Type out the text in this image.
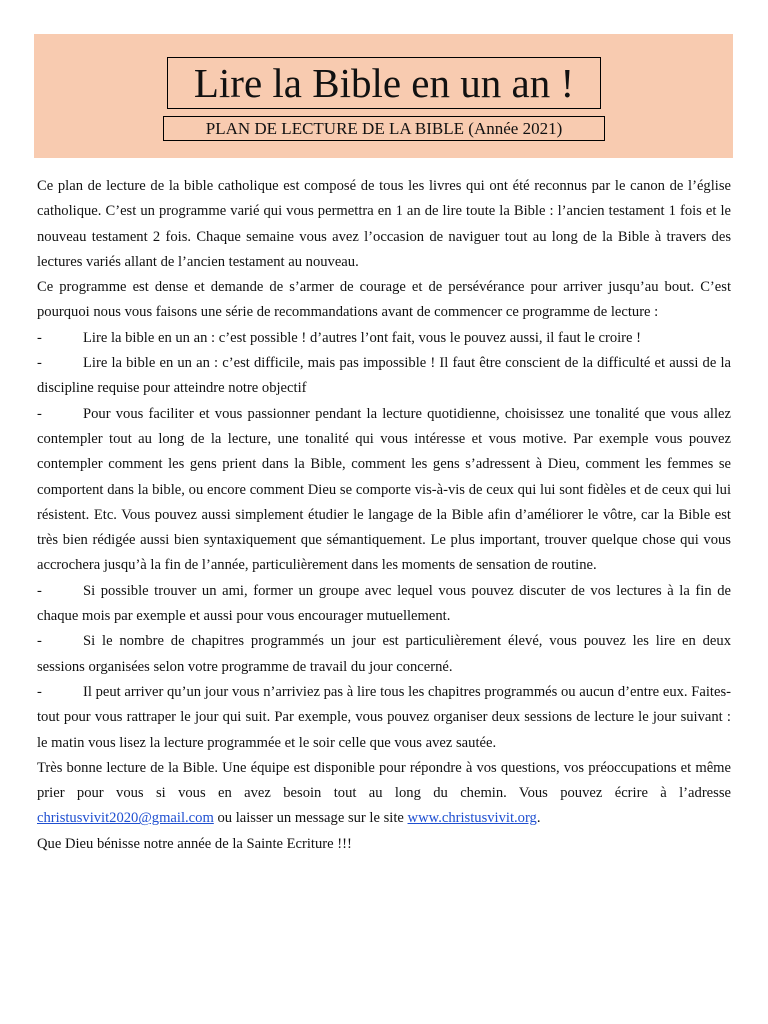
Lire la Bible en un an !
PLAN DE LECTURE DE LA BIBLE (Année 2021)

Ce plan de lecture de la bible catholique est composé de tous les livres qui ont été reconnus par le canon de l’église catholique. C’est un programme varié qui vous permettra en 1 an de lire toute la Bible : l’ancien testament 1 fois et le nouveau testament 2 fois. Chaque semaine vous avez l’occasion de naviguer tout au long de la Bible à travers des lectures variés allant de l’ancien testament au nouveau.

Ce programme est dense et demande de s’armer de courage et de persévérance pour arriver jusqu’au bout. C’est pourquoi nous vous faisons une série de recommandations avant de commencer ce programme de lecture :

-	Lire la bible en un an : c’est possible ! d’autres l’ont fait, vous le pouvez aussi, il faut le croire !

-	Lire la bible en un an : c’est difficile, mais pas impossible ! Il faut être conscient de la difficulté et aussi de la discipline requise pour atteindre notre objectif

-	Pour vous faciliter et vous passionner pendant la lecture quotidienne, choisissez une tonalité que vous allez contempler tout au long de la lecture, une tonalité qui vous intéresse et vous motive. Par exemple vous pouvez contempler comment les gens prient dans la Bible, comment les gens s’adressent à Dieu, comment les femmes se comportent dans la bible, ou encore comment Dieu se comporte vis-à-vis de ceux qui lui sont fidèles et de ceux qui lui résistent. Etc. Vous pouvez aussi simplement étudier le langage de la Bible afin d’améliorer le vôtre, car la Bible est très bien rédigée aussi bien syntaxiquement que sémantiquement. Le plus important, trouver quelque chose qui vous accrochera jusqu’à la fin de l’année, particulièrement dans les moments de sensation de routine.

-	Si possible trouver un ami, former un groupe avec lequel vous pouvez discuter de vos lectures à la fin de chaque mois par exemple et aussi pour vous encourager mutuellement.

-	Si le nombre de chapitres programmés un jour est particulièrement élevé, vous pouvez les lire en deux sessions organisées selon votre programme de travail du jour concerné.

-	Il peut arriver qu’un jour vous n’arriviez pas à lire tous les chapitres programmés ou aucun d’entre eux. Faites-tout pour vous rattraper le jour qui suit. Par exemple, vous pouvez organiser deux sessions de lecture le jour suivant : le matin vous lisez la lecture programmée et le soir celle que vous avez sautée.

Très bonne lecture de la Bible. Une équipe est disponible pour répondre à vos questions, vos préoccupations et même prier pour vous si vous en avez besoin tout au long du chemin. Vous pouvez écrire à l’adresse christusvivit2020@gmail.com ou laisser un message sur le site www.christusvivit.org.

Que Dieu bénisse notre année de la Sainte Ecriture !!!
